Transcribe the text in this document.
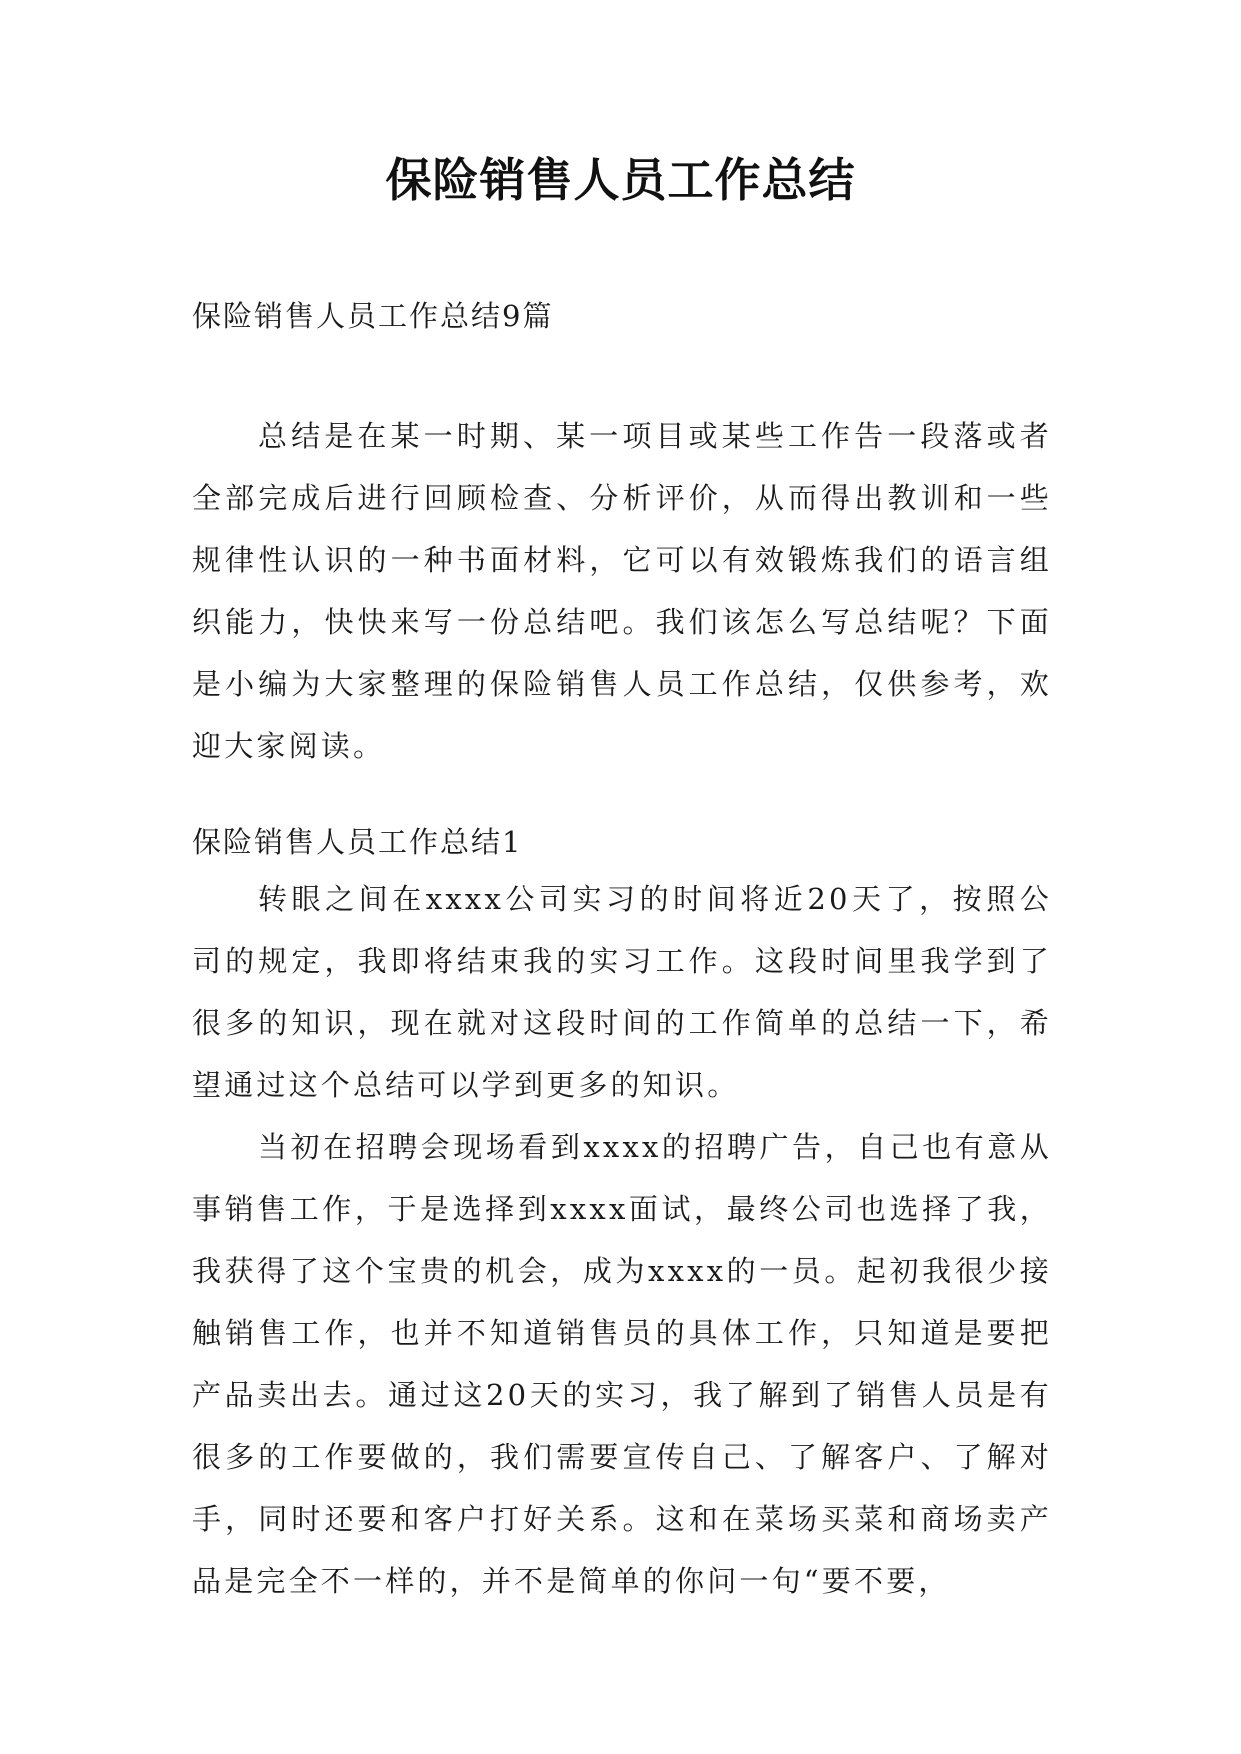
保险销售人员工作总结
保险销售人员工作总结9篇

总结是在某一时期、某一项目或某些工作告一段落或者全部完成后进行回顾检查、分析评价，从而得出教训和一些规律性认识的一种书面材料，它可以有效锻炼我们的语言组织能力，快快来写一份总结吧。我们该怎么写总结呢？下面是小编为大家整理的保险销售人员工作总结，仅供参考，欢迎大家阅读。

保险销售人员工作总结1

转眼之间在xxxx公司实习的时间将近20天了，按照公司的规定，我即将结束我的实习工作。这段时间里我学到了很多的知识，现在就对这段时间的工作简单的总结一下，希望通过这个总结可以学到更多的知识。

当初在招聘会现场看到xxxx的招聘广告，自己也有意从事销售工作，于是选择到xxxx面试，最终公司也选择了我，我获得了这个宝贵的机会，成为xxxx的一员。起初我很少接触销售工作，也并不知道销售员的具体工作，只知道是要把产品卖出去。通过这20天的实习，我了解到了销售人员是有很多的工作要做的，我们需要宣传自己、了解客户、了解对手，同时还要和客户打好关系。这和在菜场买菜和商场卖产品是完全不一样的，并不是简单的你问一句“要不要，
